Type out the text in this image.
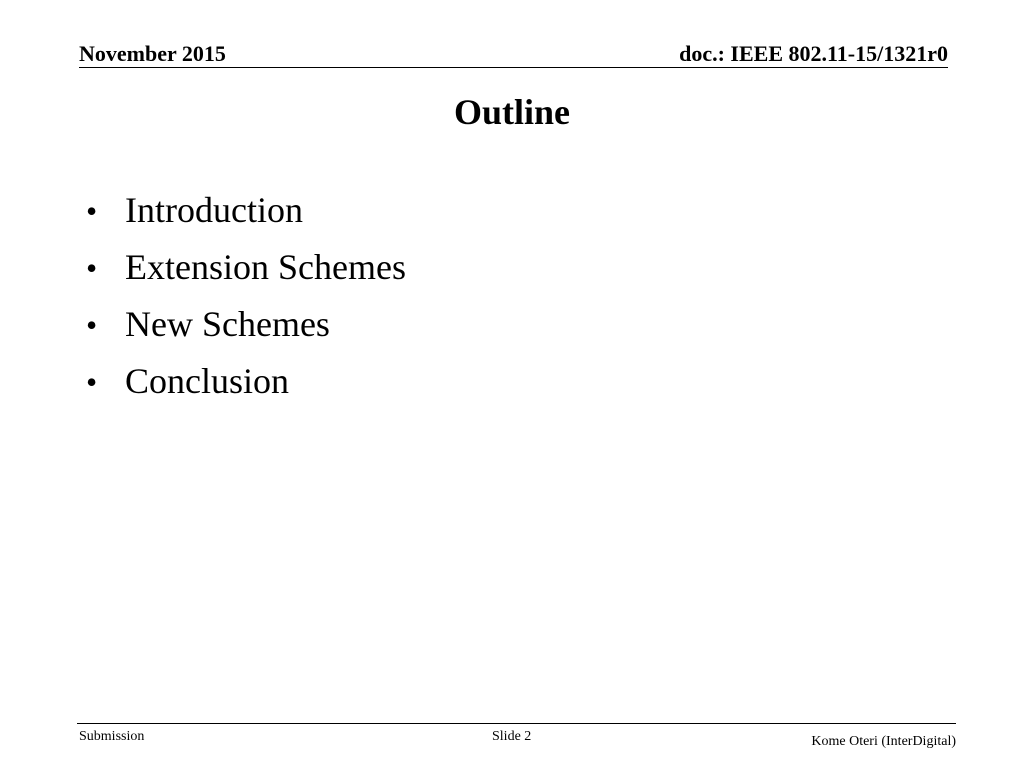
November 2015	doc.: IEEE 802.11-15/1321r0
Outline
• Introduction
• Extension Schemes
• New Schemes
• Conclusion
Submission	Slide 2	Kome Oteri (InterDigital)
